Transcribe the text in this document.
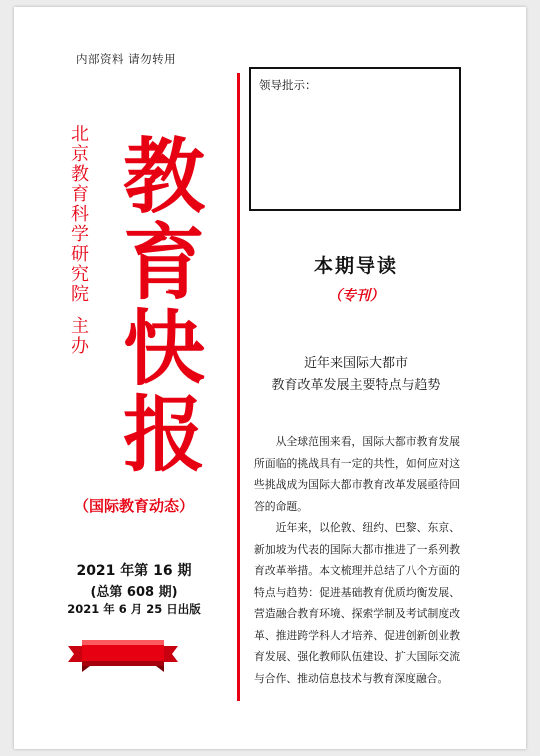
内部资料 请勿转用
北京教育科学研究院
主办
教育快报
（国际教育动态）
2021 年第 16 期
(总第 608 期)
2021 年 6 月 25 日出版
领导批示：
本期导读
（专刊）
近年来国际大都市
教育改革发展主要特点与趋势

从全球范围来看，国际大都市教育发展所面临的挑战具有一定的共性，如何应对这些挑战成为国际大都市教育改革发展亟待回答的命题。

近年来，以伦敦、纽约、巴黎、东京、新加坡为代表的国际大都市推进了一系列教育改革举措。本文梳理并总结了八个方面的特点与趋势：促进基础教育优质均衡发展、营造融合教育环境、探索学制及考试制度改革、推进跨学科人才培养、促进创新创业教育发展、强化教师队伍建设、扩大国际交流与合作、推动信息技术与教育深度融合。
